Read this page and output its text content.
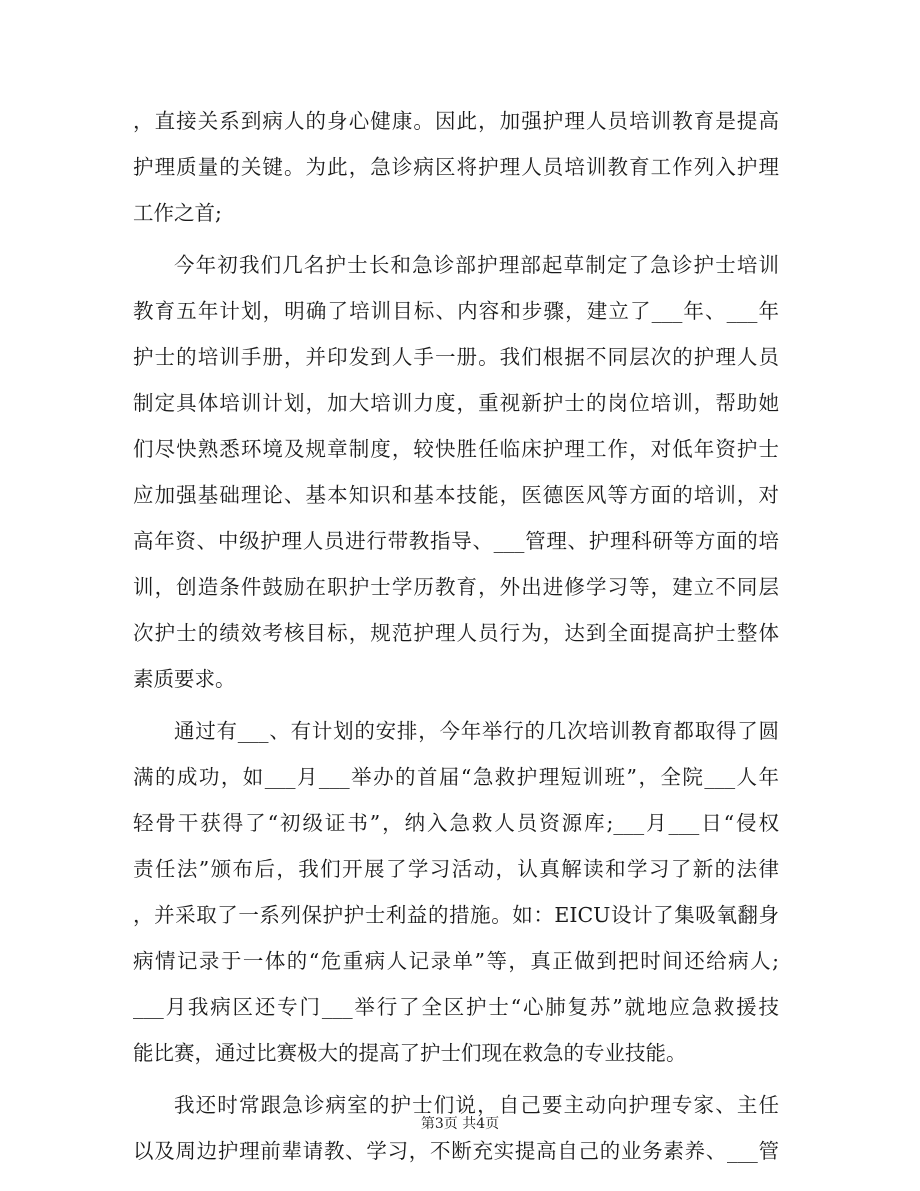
，直接关系到病人的身心健康。因此，加强护理人员培训教育是提高
护理质量的关键。为此，急诊病区将护理人员培训教育工作列入护理
工作之首;
今年初我们几名护士长和急诊部护理部起草制定了急诊护士培训
教育五年计划，明确了培训目标、内容和步骤，建立了___年、___年
护士的培训手册，并印发到人手一册。我们根据不同层次的护理人员
制定具体培训计划，加大培训力度，重视新护士的岗位培训，帮助她
们尽快熟悉环境及规章制度，较快胜任临床护理工作，对低年资护士
应加强基础理论、基本知识和基本技能，医德医风等方面的培训，对
高年资、中级护理人员进行带教指导、___管理、护理科研等方面的培
训，创造条件鼓励在职护士学历教育，外出进修学习等，建立不同层
次护士的绩效考核目标，规范护理人员行为，达到全面提高护士整体
素质要求。
通过有___、有计划的安排，今年举行的几次培训教育都取得了圆
满的成功，如___月___举办的首届“急救护理短训班”，全院___人年
轻骨干获得了“初级证书”，纳入急救人员资源库;___月___日“侵权
责任法”颁布后，我们开展了学习活动，认真解读和学习了新的法律
，并采取了一系列保护护士利益的措施。如：EICU设计了集吸氧翻身
病情记录于一体的“危重病人记录单”等，真正做到把时间还给病人;
___月我病区还专门___举行了全区护士“心肺复苏”就地应急救援技
能比赛，通过比赛极大的提高了护士们现在救急的专业技能。
我还时常跟急诊病室的护士们说，自己要主动向护理专家、主任
以及周边护理前辈请教、学习，不断充实提高自己的业务素养、___管
第3页 共4页
